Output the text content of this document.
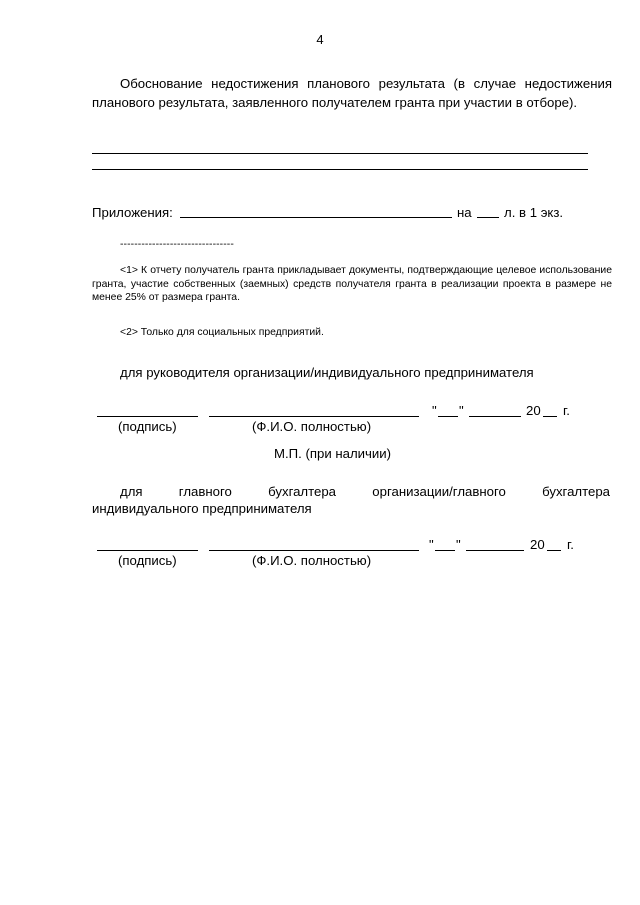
4
Обоснование недостижения планового результата (в случае недостижения планового результата, заявленного получателем гранта при участии в отборе).
Приложения:	на л. в 1 экз.
--------------------------------
<1> К отчету получатель гранта прикладывает документы, подтверждающие целевое использование гранта, участие собственных (заемных) средств получателя гранта в реализации проекта в размере не менее 25% от размера гранта.
<2> Только для социальных предприятий.
для руководителя организации/индивидуального предпринимателя
" "	20 г.
(подпись)	(Ф.И.О. полностью)
М.П. (при наличии)
для главного бухгалтера организации/главного бухгалтера
индивидуального предпринимателя
" "	20 г.
(подпись)	(Ф.И.О. полностью)
